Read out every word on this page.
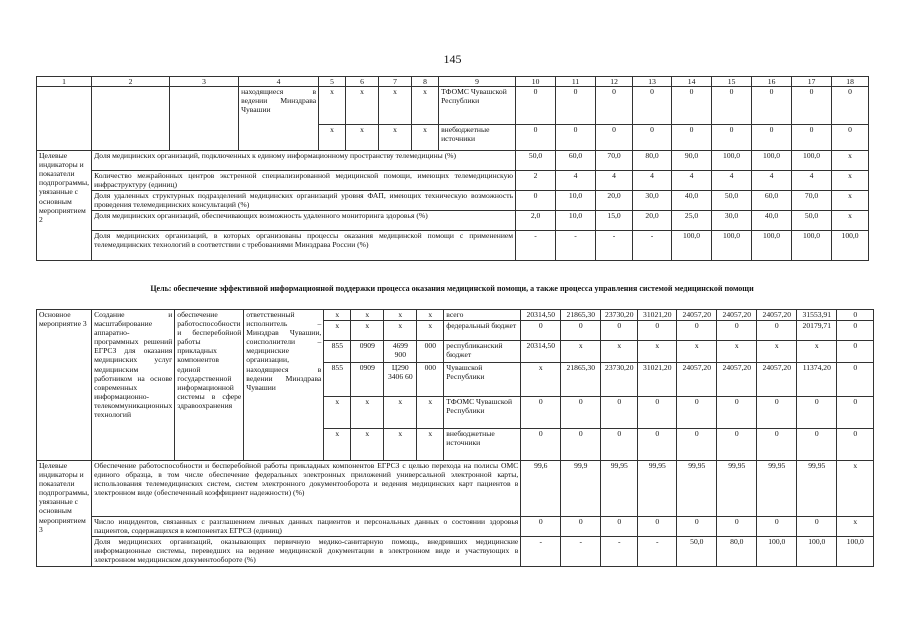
145
1	2	3	4	5	6	7	8	9	10	11	12	13	14	15	16	17	18
			находящиеся в ведении Минздрава Чувашии	x	x	x	x	ТФОМС Чувашской Республики	0	0	0	0	0	0	0	0	0
				x	x	x	x	внебюджетные источники	0	0	0	0	0	0	0	0	0
Целевые индикаторы и показатели подпрограммы, увязанные с основным мероприятием 2	Доля медицинских организаций, подключенных к единому информационному пространству телемедицины (%)								50,0	60,0	70,0	80,0	90,0	100,0	100,0	100,0	x
	Количество межрайонных центров экстренной специализированной медицинской помощи, имеющих телемедицинскую инфраструктуру (единиц)								2	4	4	4	4	4	4	4	x
	Доля удаленных структурных подразделений медицинских организаций уровня ФАП, имеющих техническую возможность проведения телемедицинских консультаций (%)								0	10,0	20,0	30,0	40,0	50,0	60,0	70,0	x
	Доля медицинских организаций, обеспечивающих возможность удаленного мониторинга здоровья (%)								2,0	10,0	15,0	20,0	25,0	30,0	40,0	50,0	x
	Доля медицинских организаций, в которых организованы процессы оказания медицинской помощи с применением телемедицинских технологий в соответствии с требованиями Минздрава России (%)								-	-	-	-	100,0	100,0	100,0	100,0	100,0
Цель: обеспечение эффективной информационной поддержки процесса оказания медицинской помощи, а также процесса управления системой медицинской помощи
Основное мероприятие 3	Создание и масштабирование аппаратно-программных решений ЕГРСЗ для оказания медицинских услуг медицинским работником на основе современных информационно-телекоммуникационных технологий	обеспечение работоспособности и бесперебойной работы прикладных компонентов единой государственной информационной системы в сфере здравоохранения	ответственный исполнитель – Минздрав Чувашии, соисполнители – медицинские организации, находящиеся в ведении Минздрава Чувашии	x	x	x	x	всего	20314,50	21865,30	23730,20	31021,20	24057,20	24057,20	24057,20	31553,91	0
				x	x	x	x	федеральный бюджет	0	0	0	0	0	0	0	20179,71	0
				855	0909	4699 900	000	республиканский бюджет	20314,50	x	x	x	x	x	x	x	0
				855	0909	Ц290 3406 60	000	Чувашской Республики	x	21865,30	23730,20	31021,20	24057,20	24057,20	24057,20	11374,20	0
				x	x	x	x	ТФОМС Чувашской Республики	0	0	0	0	0	0	0	0	0
				x	x	x	x	внебюджетные источники	0	0	0	0	0	0	0	0	0
Целевые индикаторы и показатели подпрограммы, увязанные с основным мероприятием 3	Обеспечение работоспособности и бесперебойной работы прикладных компонентов ЕГРСЗ с целью перехода на полисы ОМС единого образца, в том числе обеспечение федеральных электронных приложений универсальной электронной карты, использования телемедицинских систем, систем электронного документооборота и ведения медицинских карт пациентов в электронном виде (обеспеченный коэффициент надежности) (%)								99,6	99,9	99,95	99,95	99,95	99,95	99,95	99,95	x
	Число инцидентов, связанных с разглашением личных данных пациентов и персональных данных о состоянии здоровья пациентов, содержащихся в компонентах ЕГРСЗ (единиц)								0	0	0	0	0	0	0	0	x
	Доля медицинских организаций, оказывающих первичную медико-санитарную помощь, внедривших медицинские информационные системы, переведших на ведение медицинской документации в электронном виде и участвующих в электронном медицинском документообороте (%)								-	-	-	-	50,0	80,0	100,0	100,0	100,0
